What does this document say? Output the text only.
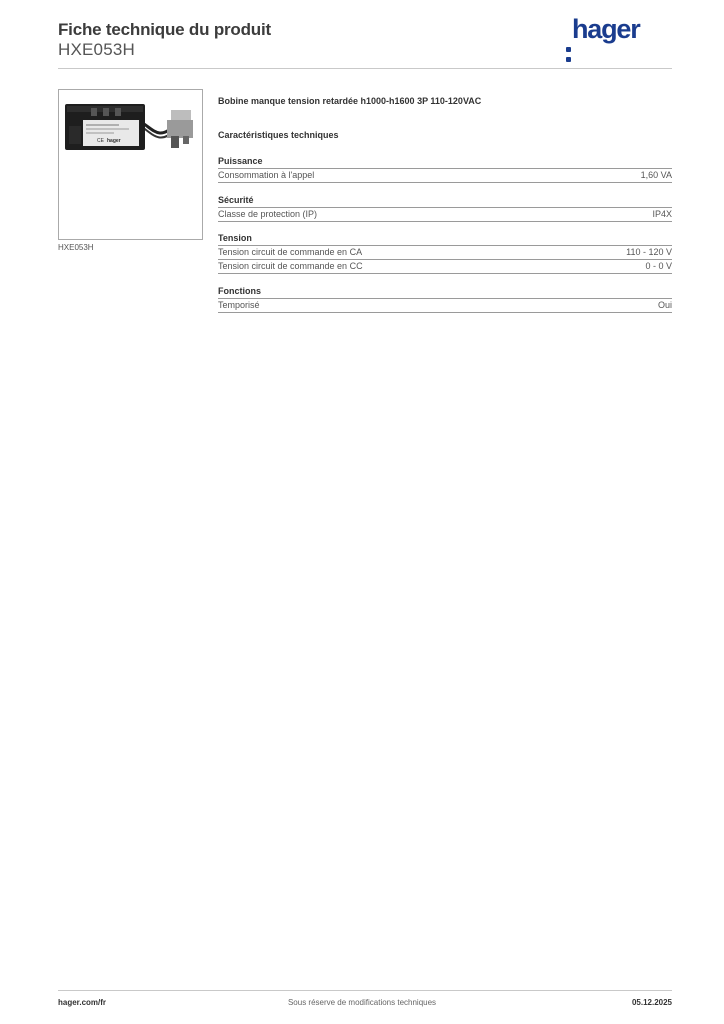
Fiche technique du produit
HXE053H
hager
hager
CE
HXE053H
Bobine manque tension retardée h1000-h1600 3P 110-120VAC
Caractéristiques techniques
Puissance
Consommation à l'appel	1,60 VA
Sécurité
Classe de protection (IP)	IP4X
Tension
Tension circuit de commande en CA	110 - 120 V
Tension circuit de commande en CC	0 - 0 V
Fonctions
Temporisé	Oui
hager.com/fr	Sous réserve de modifications techniques	05.12.2025
